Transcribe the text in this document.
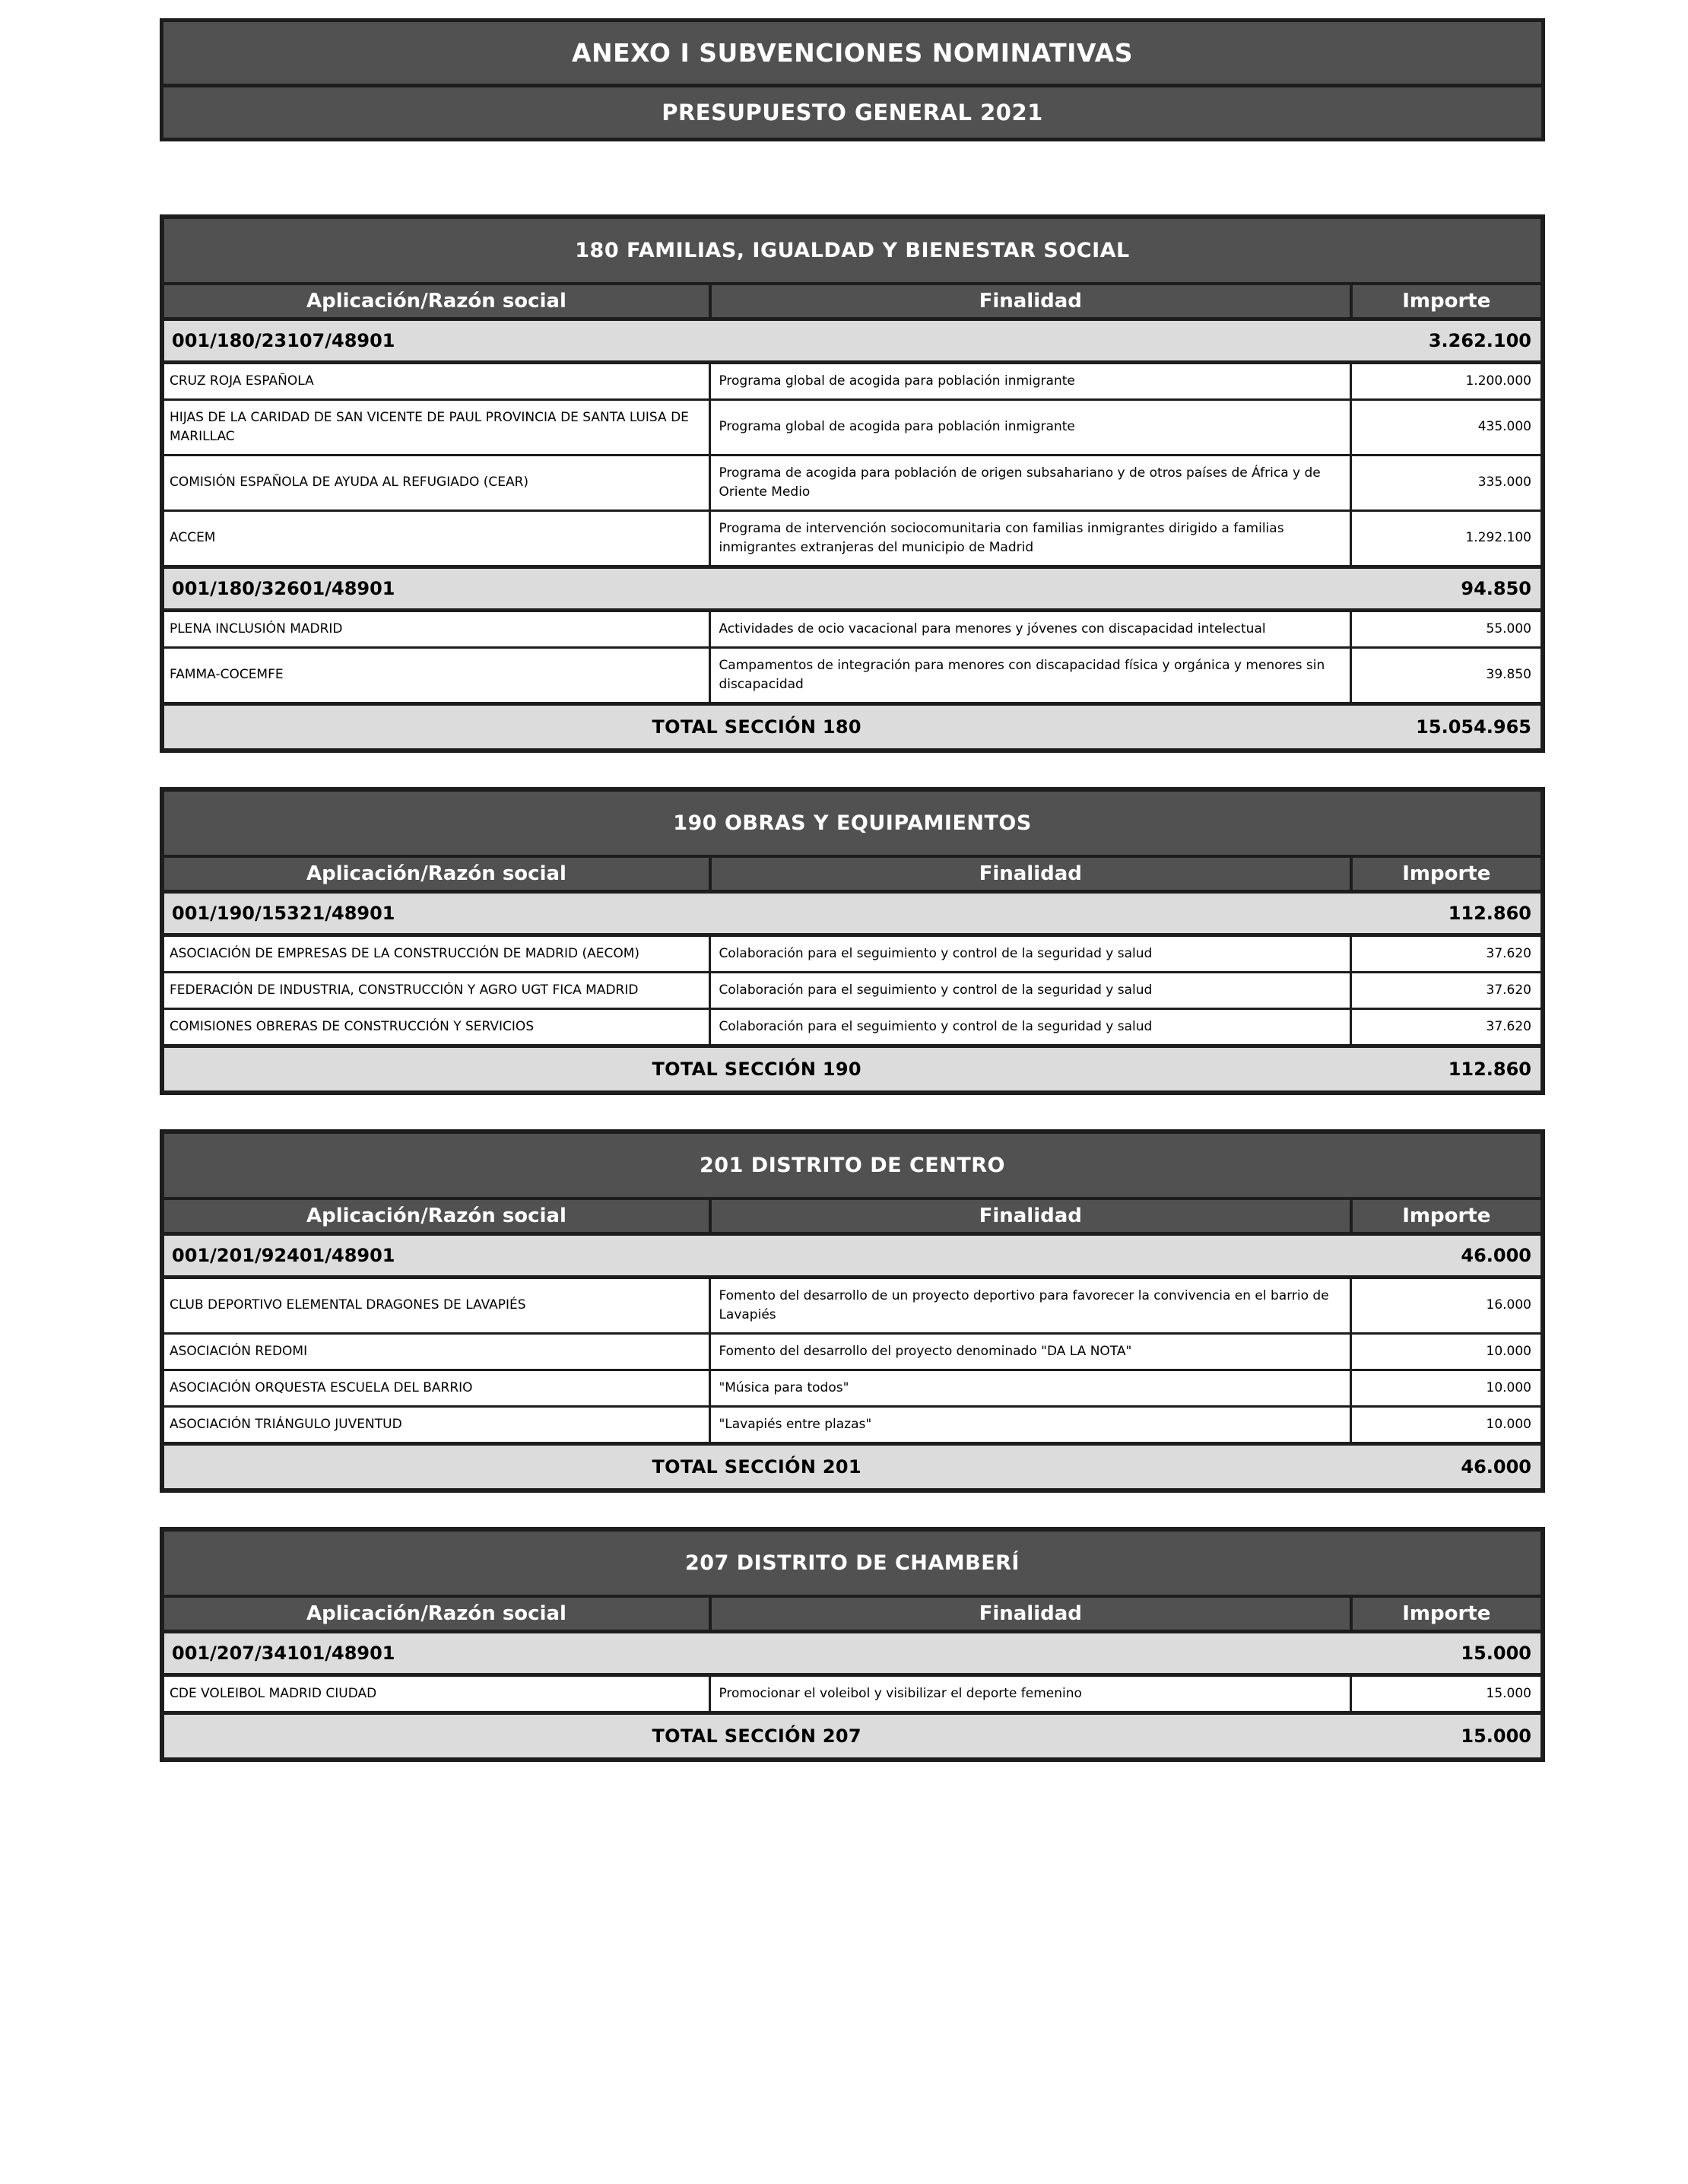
ANEXO I SUBVENCIONES NOMINATIVAS
PRESUPUESTO GENERAL 2021
180 FAMILIAS, IGUALDAD Y BIENESTAR SOCIAL		
Aplicación/Razón social	Finalidad	Importe

001/180/23107/48901 3.262.100		

CRUZ ROJA ESPAÑOLA	Programa global de acogida para población inmigrante	1.200.000
HIJAS DE LA CARIDAD DE SAN VICENTE DE PAUL PROVINCIA DE SANTA LUISA DE MARILLAC	Programa global de acogida para población inmigrante	435.000
COMISIÓN ESPAÑOLA DE AYUDA AL REFUGIADO (CEAR)	Programa de acogida para población de origen subsahariano y de otros países de África y de Oriente Medio	335.000
ACCEM	Programa de intervención sociocomunitaria con familias inmigrantes dirigido a familias inmigrantes extranjeras del municipio de Madrid	1.292.100

001/180/32601/48901 94.850		

PLENA INCLUSIÓN MADRID	Actividades de ocio vacacional para menores y jóvenes con discapacidad intelectual	55.000
FAMMA-COCEMFE	Campamentos de integración para menores con discapacidad física y orgánica y menores sin discapacidad	39.850

TOTAL SECCIÓN 180 15.054.965		
190 OBRAS Y EQUIPAMIENTOS		
Aplicación/Razón social	Finalidad	Importe

001/190/15321/48901 112.860		

ASOCIACIÓN DE EMPRESAS DE LA CONSTRUCCIÓN DE MADRID (AECOM)	Colaboración para el seguimiento y control de la seguridad y salud	37.620
FEDERACIÓN DE INDUSTRIA, CONSTRUCCIÓN Y AGRO UGT FICA MADRID	Colaboración para el seguimiento y control de la seguridad y salud	37.620
COMISIONES OBRERAS DE CONSTRUCCIÓN Y SERVICIOS	Colaboración para el seguimiento y control de la seguridad y salud	37.620

TOTAL SECCIÓN 190 112.860		
201 DISTRITO DE CENTRO		
Aplicación/Razón social	Finalidad	Importe

001/201/92401/48901 46.000		

CLUB DEPORTIVO ELEMENTAL DRAGONES DE LAVAPIÉS	Fomento del desarrollo de un proyecto deportivo para favorecer la convivencia en el barrio de Lavapiés	16.000
ASOCIACIÓN REDOMI	Fomento del desarrollo del proyecto denominado "DA LA NOTA"	10.000
ASOCIACIÓN ORQUESTA ESCUELA DEL BARRIO	"Música para todos"	10.000
ASOCIACIÓN TRIÁNGULO JUVENTUD	"Lavapiés entre plazas"	10.000

TOTAL SECCIÓN 201 46.000		
207 DISTRITO DE CHAMBERÍ		
Aplicación/Razón social	Finalidad	Importe

001/207/34101/48901 15.000		

CDE VOLEIBOL MADRID CIUDAD	Promocionar el voleibol y visibilizar el deporte femenino	15.000

TOTAL SECCIÓN 207 15.000		
